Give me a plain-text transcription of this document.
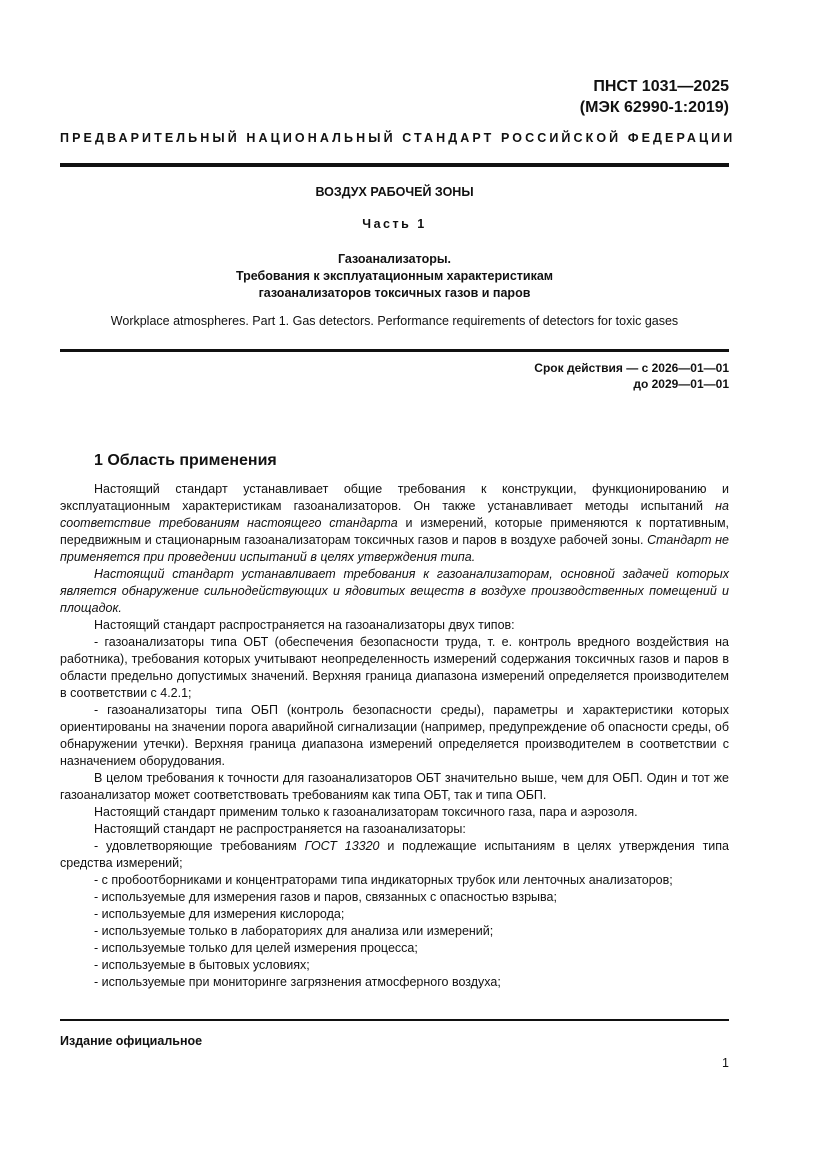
ПНСТ 1031—2025
(МЭК 62990-1:2019)
ПРЕДВАРИТЕЛЬНЫЙ НАЦИОНАЛЬНЫЙ СТАНДАРТ РОССИЙСКОЙ ФЕДЕРАЦИИ
ВОЗДУХ РАБОЧЕЙ ЗОНЫ
Часть 1
Газоанализаторы.
Требования к эксплуатационным характеристикам
газоанализаторов токсичных газов и паров
Workplace atmospheres. Part 1. Gas detectors. Performance requirements of detectors for toxic gases
Срок действия — с 2026—01—01
до 2029—01—01
1 Область применения

Настоящий стандарт устанавливает общие требования к конструкции, функционированию и эксплуатационным характеристикам газоанализаторов. Он также устанавливает методы испытаний на соответствие требованиям настоящего стандарта и измерений, которые применяются к портативным, передвижным и стационарным газоанализаторам токсичных газов и паров в воздухе рабочей зоны. Стандарт не применяется при проведении испытаний в целях утверждения типа.

Настоящий стандарт устанавливает требования к газоанализаторам, основной задачей которых является обнаружение сильнодействующих и ядовитых веществ в воздухе производственных помещений и площадок.

Настоящий стандарт распространяется на газоанализаторы двух типов:

- газоанализаторы типа ОБТ (обеспечения безопасности труда, т. е. контроль вредного воздействия на работника), требования которых учитывают неопределенность измерений содержания токсичных газов и паров в области предельно допустимых значений. Верхняя граница диапазона измерений определяется производителем в соответствии с 4.2.1;

- газоанализаторы типа ОБП (контроль безопасности среды), параметры и характеристики которых ориентированы на значении порога аварийной сигнализации (например, предупреждение об опасности среды, об обнаружении утечки). Верхняя граница диапазона измерений определяется производителем в соответствии с назначением оборудования.

В целом требования к точности для газоанализаторов ОБТ значительно выше, чем для ОБП. Один и тот же газоанализатор может соответствовать требованиям как типа ОБТ, так и типа ОБП.

Настоящий стандарт применим только к газоанализаторам токсичного газа, пара и аэрозоля.

Настоящий стандарт не распространяется на газоанализаторы:

- удовлетворяющие требованиям ГОСТ 13320 и подлежащие испытаниям в целях утверждения типа средства измерений;

- с пробоотборниками и концентраторами типа индикаторных трубок или ленточных анализаторов;

- используемые для измерения газов и паров, связанных с опасностью взрыва;
- используемые для измерения кислорода;
- используемые только в лабораториях для анализа или измерений;
- используемые только для целей измерения процесса;
- используемые в бытовых условиях;
- используемые при мониторинге загрязнения атмосферного воздуха;
Издание официальное
1
